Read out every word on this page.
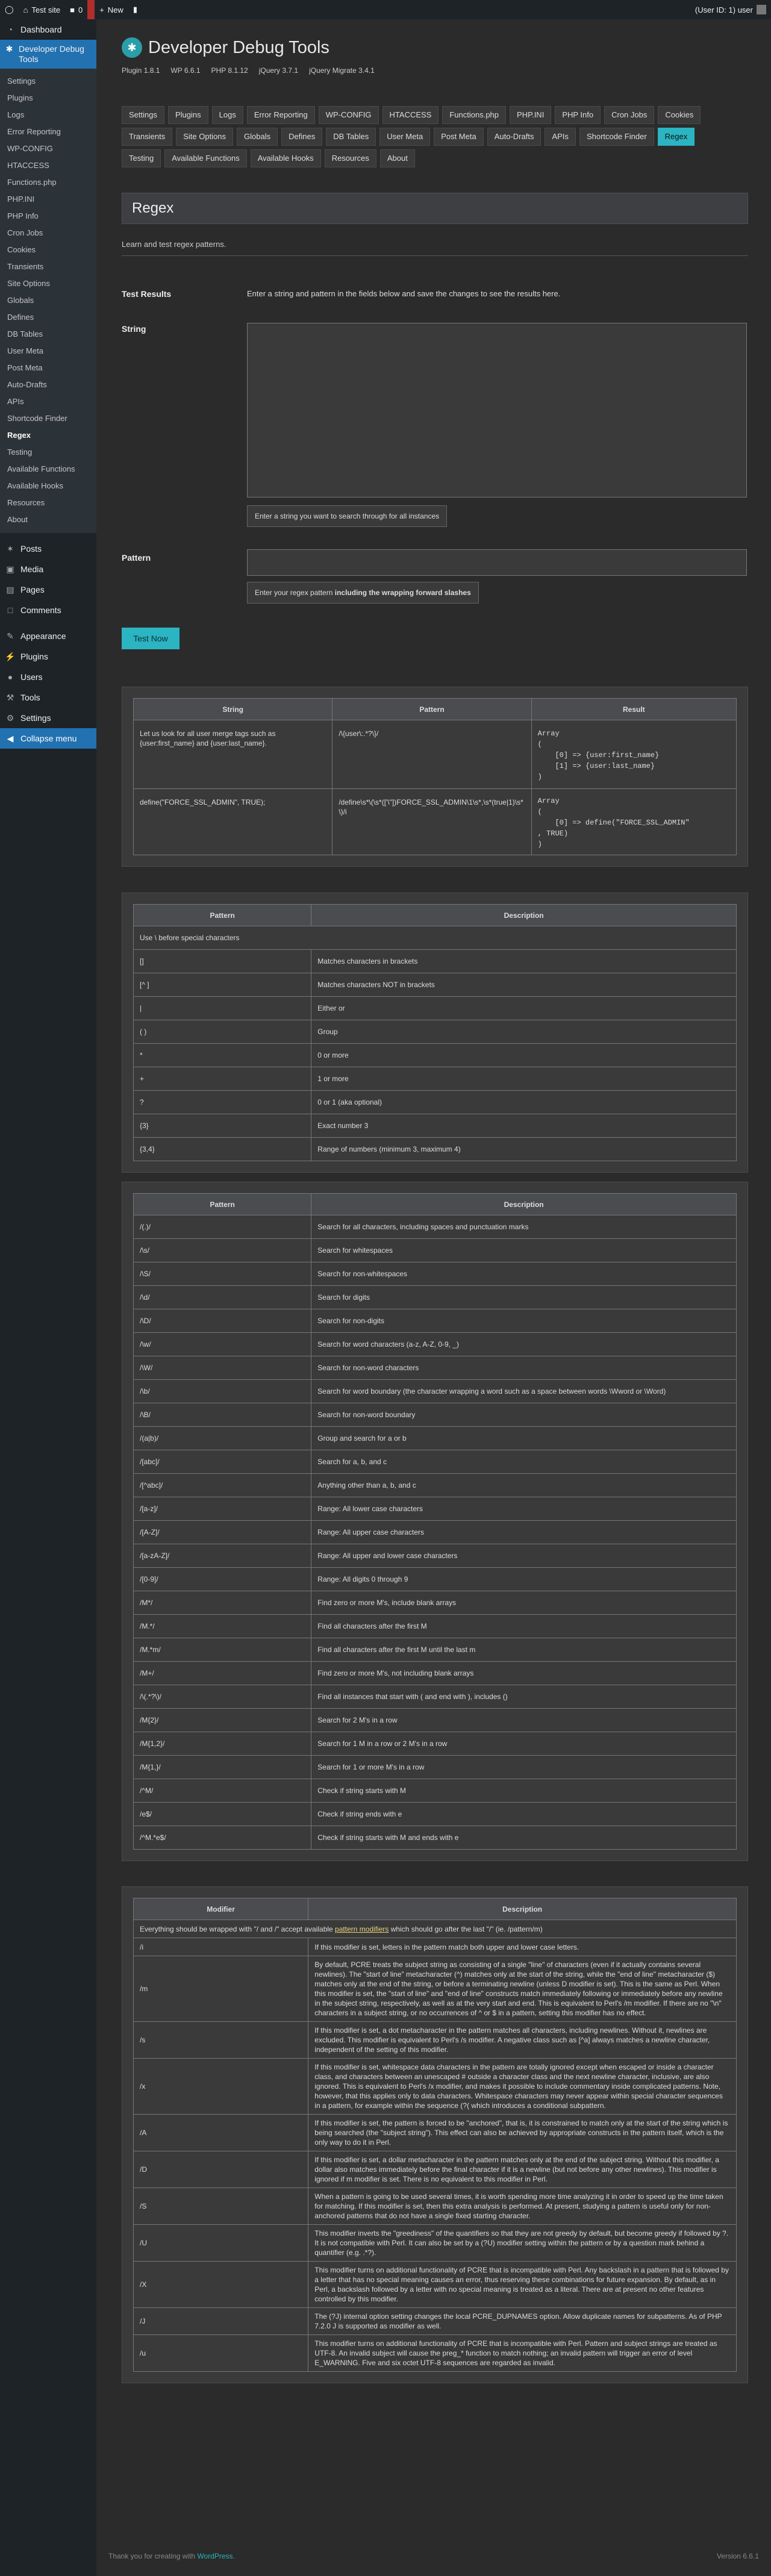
◯	⌂ Test site ■ 0 + New	▮	(User ID: 1) user
◔ Dashboard
✱ Developer Debug Tools
Settings
Plugins
Logs
Error Reporting
WP-CONFIG
HTACCESS
Functions.php
PHP.INI
PHP Info
Cron Jobs
Cookies
Transients
Site Options
Globals
Defines
DB Tables
User Meta
Post Meta
Auto-Drafts
APIs
Shortcode Finder
Regex
Testing
Available Functions
Available Hooks
Resources
About
✶ Posts
▣ Media
▤ Pages
□ Comments
✎ Appearance
⚡ Plugins
● Users
⚒ Tools
⚙ Settings
◀ Collapse menu
✱ Developer Debug Tools
Plugin 1.8.1 WP 6.6.1 PHP 8.1.12 jQuery 3.7.1 jQuery Migrate 3.4.1
Settings	Plugins	Logs	Error Reporting	WP-CONFIG	HTACCESS	Functions.php	PHP.INI	PHP Info	Cron Jobs	Cookies
Transients	Site Options	Globals	Defines	DB Tables	User Meta	Post Meta	Auto-Drafts	APIs	Shortcode Finder	Regex
Testing	Available Functions	Available Hooks	Resources	About
Regex
Learn and test regex patterns.
Test Results	Enter a string and pattern in the fields below and save the changes to see the results here.
String

Enter a string you want to search through for all instances
Pattern

Enter your regex pattern including the wrapping forward slashes
Test Now
String	Pattern	Result
Let us look for all user merge tags such as {user:first_name} and {user:last_name}.	/\{user\:.*?\}/	Array
(
[0] => {user:first_name}
[1] => {user:last_name}
)
define("FORCE_SSL_ADMIN", TRUE);	/define\s*\(\s*(['\"])FORCE_SSL_ADMIN\1\s*,\s*(true|1)\s*\)/i	Array
(
[0] => define("FORCE_SSL_ADMIN"
, TRUE)
)
Pattern	Description
Use \ before special characters	
[]	Matches characters in brackets
[^ ]	Matches characters NOT in brackets
|	Either or
( )	Group
*	0 or more
+	1 or more
?	0 or 1 (aka optional)
{3}	Exact number 3
{3,4}	Range of numbers (minimum 3, maximum 4)
Pattern	Description
/(.)/	Search for all characters, including spaces and punctuation marks
/\s/	Search for whitespaces
/\S/	Search for non-whitespaces
/\d/	Search for digits
/\D/	Search for non-digits
/\w/	Search for word characters (a-z, A-Z, 0-9, _)
/\W/	Search for non-word characters
/\b/	Search for word boundary (the character wrapping a word such as a space between words \Wword or \Word)
/\B/	Search for non-word boundary
/(a|b)/	Group and search for a or b
/[abc]/	Search for a, b, and c
/[^abc]/	Anything other than a, b, and c
/[a-z]/	Range: All lower case characters
/[A-Z]/	Range: All upper case characters
/[a-zA-Z]/	Range: All upper and lower case characters
/[0-9]/	Range: All digits 0 through 9
/M*/	Find zero or more M's, include blank arrays
/M.*/	Find all characters after the first M
/M.*m/	Find all characters after the first M until the last m
/M+/	Find zero or more M's, not including blank arrays
/\(.*?\)/	Find all instances that start with ( and end with ), includes ()
/M{2}/	Search for 2 M's in a row
/M{1,2}/	Search for 1 M in a row or 2 M's in a row
/M{1,}/	Search for 1 or more M's in a row
/^M/	Check if string starts with M
/e$/	Check if string ends with e
/^M.*e$/	Check if string starts with M and ends with e
Modifier	Description
Everything should be wrapped with "/ and /" accept available pattern modifiers which should go after the last "/" (ie. /pattern/m)	
/i	If this modifier is set, letters in the pattern match both upper and lower case letters.
/m	By default, PCRE treats the subject string as consisting of a single "line" of characters (even if it actually contains several newlines). The "start of line" metacharacter (^) matches only at the start of the string, while the "end of line" metacharacter ($) matches only at the end of the string, or before a terminating newline (unless D modifier is set). This is the same as Perl. When this modifier is set, the "start of line" and "end of line" constructs match immediately following or immediately before any newline in the subject string, respectively, as well as at the very start and end. This is equivalent to Perl's /m modifier. If there are no "\n" characters in a subject string, or no occurrences of ^ or $ in a pattern, setting this modifier has no effect.
/s	If this modifier is set, a dot metacharacter in the pattern matches all characters, including newlines. Without it, newlines are excluded. This modifier is equivalent to Perl's /s modifier. A negative class such as [^a] always matches a newline character, independent of the setting of this modifier.
/x	If this modifier is set, whitespace data characters in the pattern are totally ignored except when escaped or inside a character class, and characters between an unescaped # outside a character class and the next newline character, inclusive, are also ignored. This is equivalent to Perl's /x modifier, and makes it possible to include commentary inside complicated patterns. Note, however, that this applies only to data characters. Whitespace characters may never appear within special character sequences in a pattern, for example within the sequence (?( which introduces a conditional subpattern.
/A	If this modifier is set, the pattern is forced to be "anchored", that is, it is constrained to match only at the start of the string which is being searched (the "subject string"). This effect can also be achieved by appropriate constructs in the pattern itself, which is the only way to do it in Perl.
/D	If this modifier is set, a dollar metacharacter in the pattern matches only at the end of the subject string. Without this modifier, a dollar also matches immediately before the final character if it is a newline (but not before any other newlines). This modifier is ignored if m modifier is set. There is no equivalent to this modifier in Perl.
/S	When a pattern is going to be used several times, it is worth spending more time analyzing it in order to speed up the time taken for matching. If this modifier is set, then this extra analysis is performed. At present, studying a pattern is useful only for non-anchored patterns that do not have a single fixed starting character.
/U	This modifier inverts the "greediness" of the quantifiers so that they are not greedy by default, but become greedy if followed by ?. It is not compatible with Perl. It can also be set by a (?U) modifier setting within the pattern or by a question mark behind a quantifier (e.g. .*?).
/X	This modifier turns on additional functionality of PCRE that is incompatible with Perl. Any backslash in a pattern that is followed by a letter that has no special meaning causes an error, thus reserving these combinations for future expansion. By default, as in Perl, a backslash followed by a letter with no special meaning is treated as a literal. There are at present no other features controlled by this modifier.
/J	The (?J) internal option setting changes the local PCRE_DUPNAMES option. Allow duplicate names for subpatterns. As of PHP 7.2.0 J is supported as modifier as well.
/u	This modifier turns on additional functionality of PCRE that is incompatible with Perl. Pattern and subject strings are treated as UTF-8. An invalid subject will cause the preg_* function to match nothing; an invalid pattern will trigger an error of level E_WARNING. Five and six octet UTF-8 sequences are regarded as invalid.
Thank you for creating with WordPress.	Version 6.6.1
